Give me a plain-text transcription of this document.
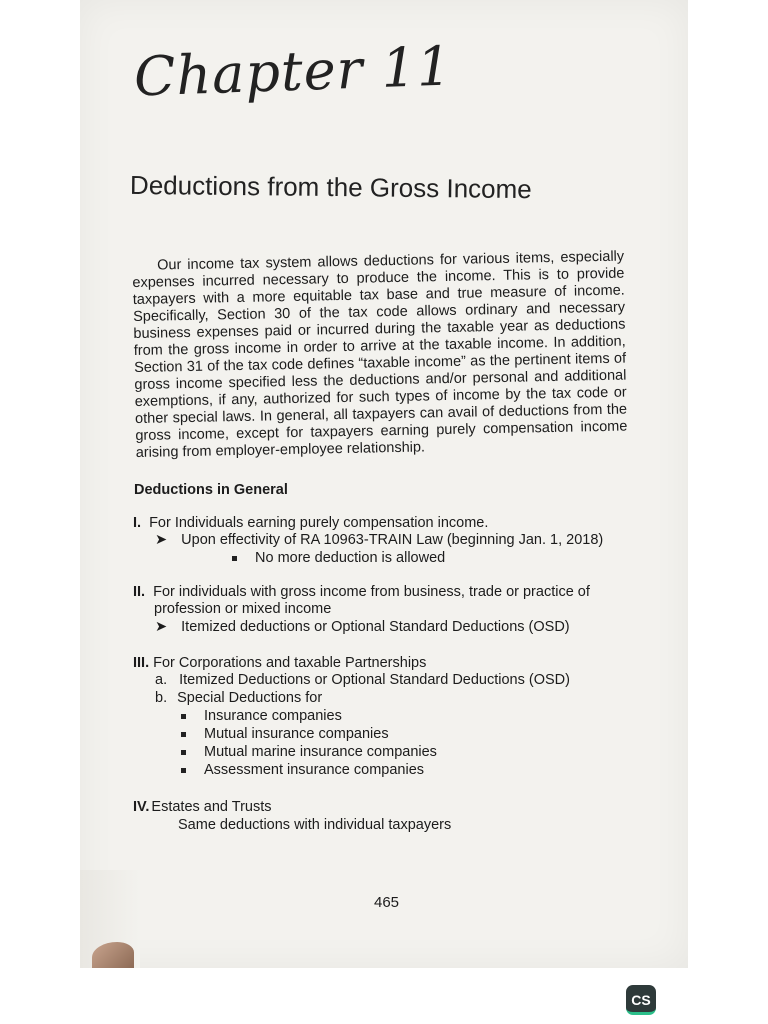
Chapter 11
Deductions from the Gross Income

Our income tax system allows deductions for various items, especially expenses incurred necessary to produce the income. This is to provide taxpayers with a more equitable tax base and true measure of income. Specifically, Section 30 of the tax code allows ordinary and necessary business expenses paid or incurred during the taxable year as deductions from the gross income in order to arrive at the taxable income. In addition, Section 31 of the tax code defines “taxable income” as the pertinent items of gross income specified less the deductions and/or personal and additional exemptions, if any, authorized for such types of income by the tax code or other special laws. In general, all taxpayers can avail of deductions from the gross income, except for taxpayers earning purely compensation income arising from employer-employee relationship.

Deductions in General
I. For Individuals earning purely compensation income.
➤ Upon effectivity of RA 10963-TRAIN Law (beginning Jan. 1, 2018)
No more deduction is allowed
II. For individuals with gross income from business, trade or practice of
profession or mixed income
➤ Itemized deductions or Optional Standard Deductions (OSD)
III. For Corporations and taxable Partnerships
a. Itemized Deductions or Optional Standard Deductions (OSD)
b. Special Deductions for
Insurance companies
Mutual insurance companies
Mutual marine insurance companies
Assessment insurance companies
IV. Estates and Trusts
Same deductions with individual taxpayers
465
CS
